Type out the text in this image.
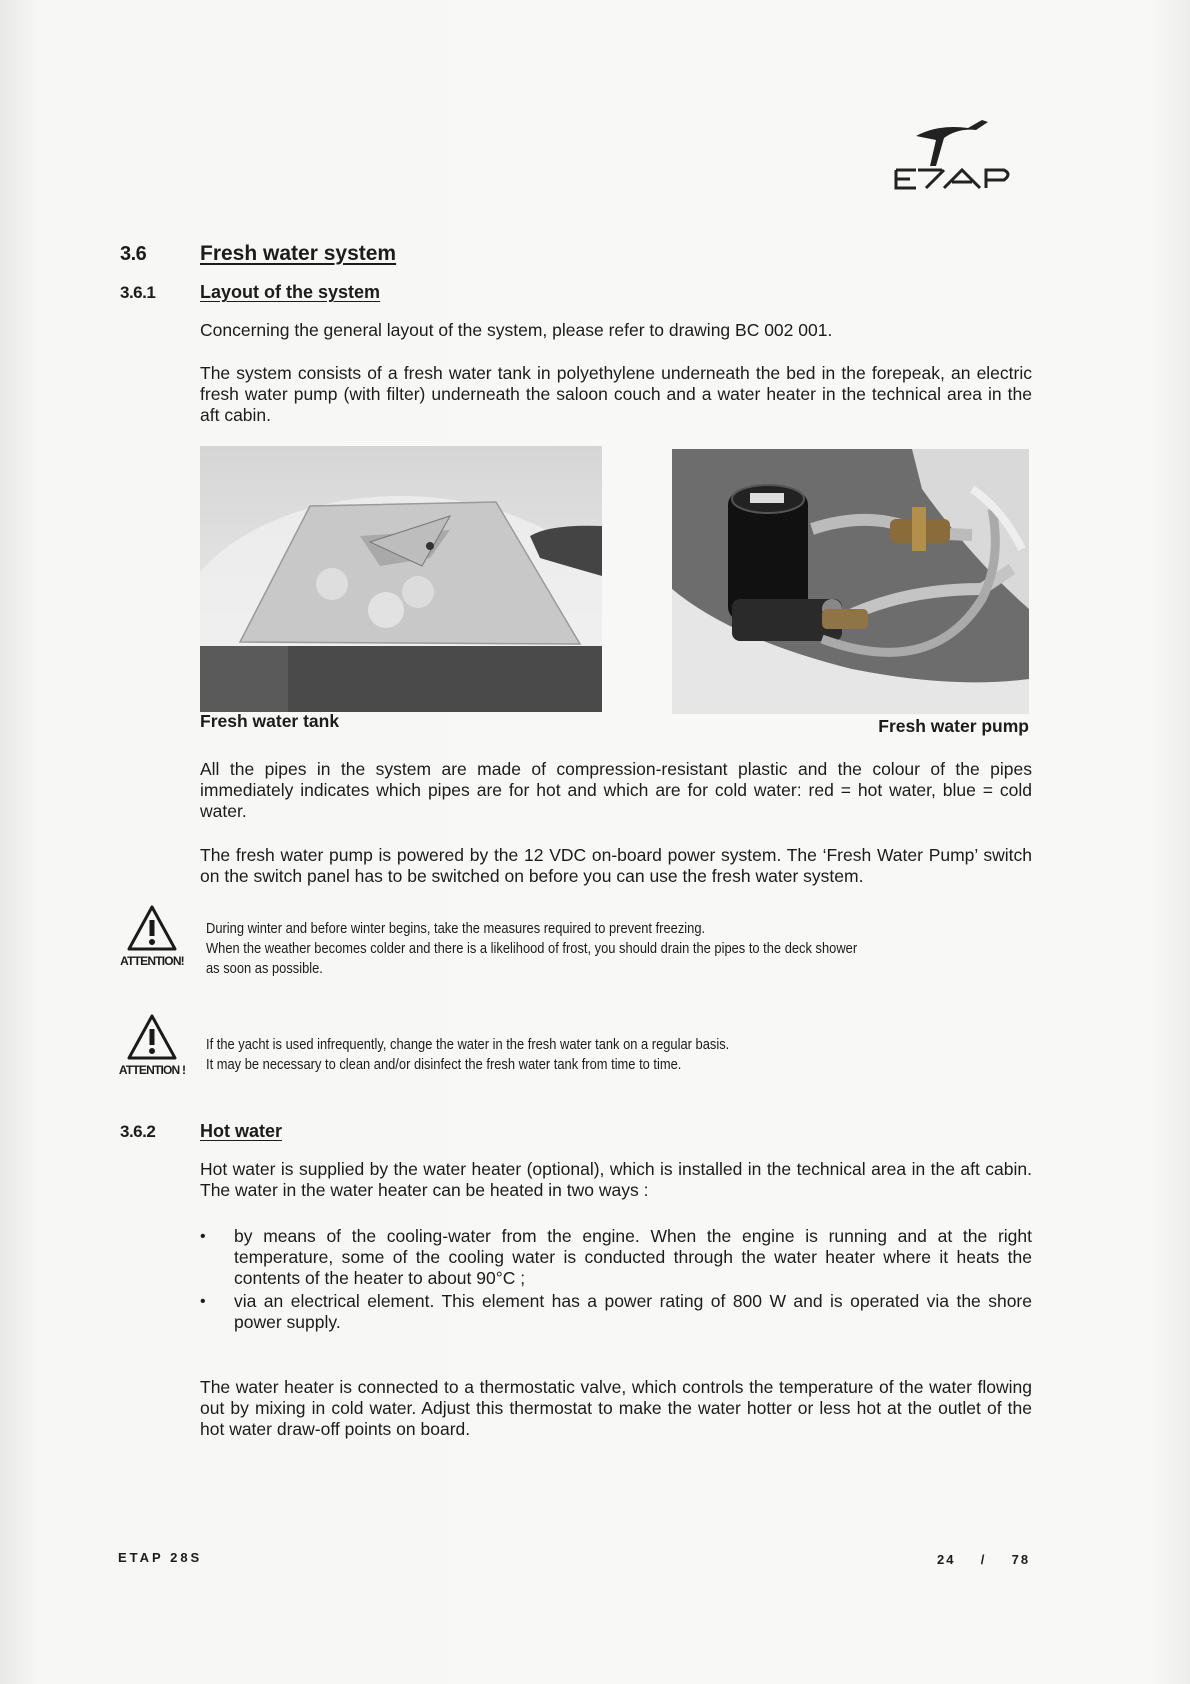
3.6	Fresh water system
3.6.1 Layout of the system
Concerning the general layout of the system, please refer to drawing BC 002 001.
The system consists of a fresh water tank in polyethylene underneath the bed in the forepeak, an electric fresh water pump (with filter) underneath the saloon couch and a water heater in the technical area in the aft cabin.
Fresh water tank	Fresh water pump
All the pipes in the system are made of compression-resistant plastic and the colour of the pipes immediately indicates which pipes are for hot and which are for cold water: red = hot water, blue = cold water.
The fresh water pump is powered by the 12 VDC on-board power system. The ‘Fresh Water Pump’ switch on the switch panel has to be switched on before you can use the fresh water system.
ATTENTION!
During winter and before winter begins, take the measures required to prevent freezing.
When the weather becomes colder and there is a likelihood of frost, you should drain the pipes to the deck shower
as soon as possible.
ATTENTION !
If the yacht is used infrequently, change the water in the fresh water tank on a regular basis.
It may be necessary to clean and/or disinfect the fresh water tank from time to time.
3.6.2 Hot water
Hot water is supplied by the water heater (optional), which is installed in the technical area in the aft cabin. The water in the water heater can be heated in two ways :
• by means of the cooling-water from the engine. When the engine is running and at the right temperature, some of the cooling water is conducted through the water heater where it heats the contents of the heater to about 90°C ;
• via an electrical element. This element has a power rating of 800 W and is operated via the shore power supply.
The water heater is connected to a thermostatic valve, which controls the temperature of the water flowing out by mixing in cold water. Adjust this thermostat to make the water hotter or less hot at the outlet of the hot water draw-off points on board.
ETAP 28S	24 / 78
